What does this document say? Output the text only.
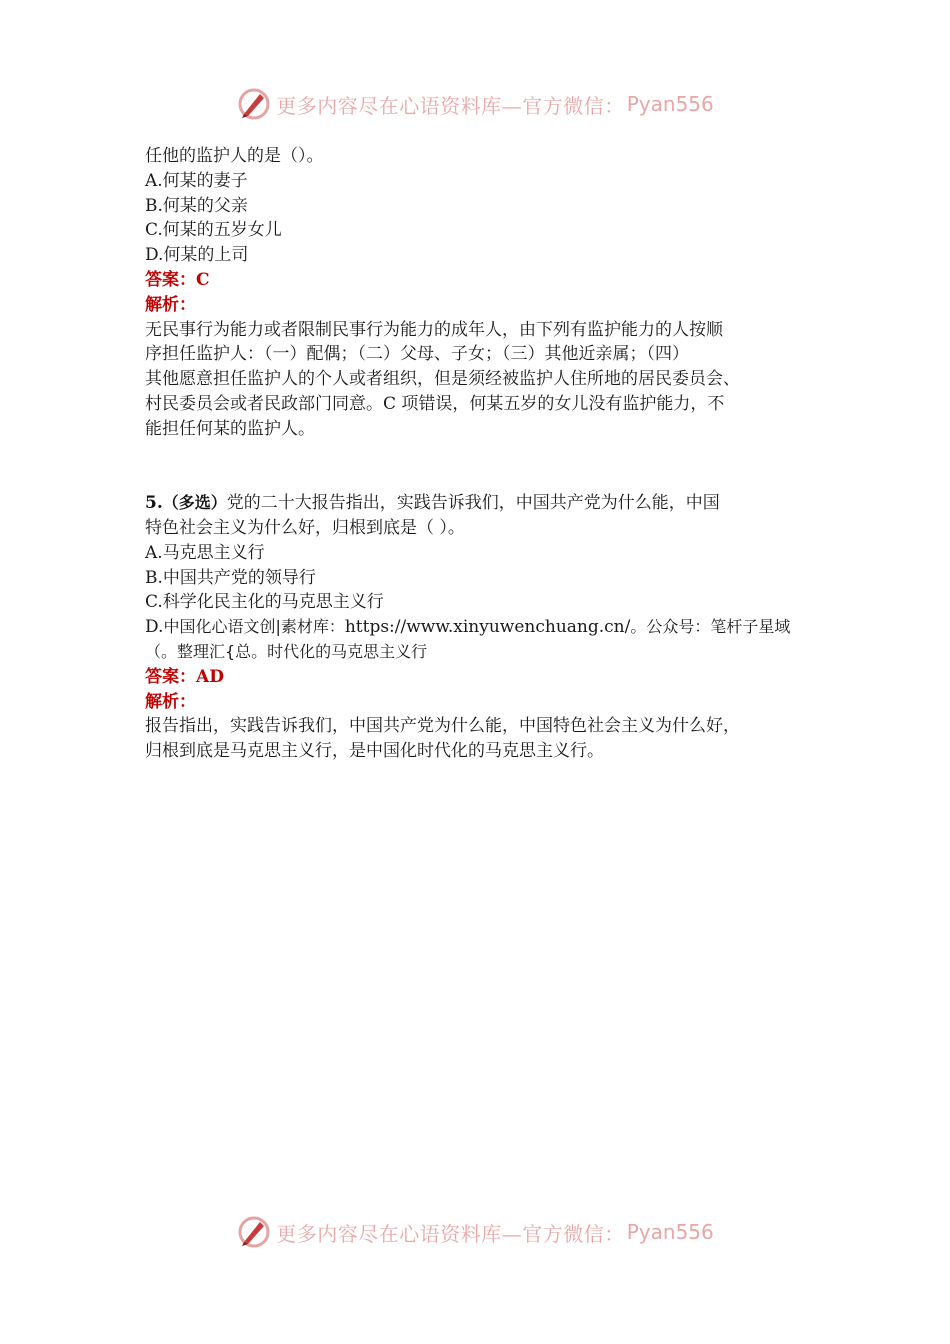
更多内容尽在心语资料库—官方微信： Pyan556
任他的监护人的是（）。
A.何某的妻子
B.何某的父亲
C.何某的五岁女儿
D.何某的上司
答案：C
解析：
无民事行为能力或者限制民事行为能力的成年人，由下列有监护能力的人按顺
序担任监护人：（一）配偶；（二）父母、子女；（三）其他近亲属；（四）
其他愿意担任监护人的个人或者组织，但是须经被监护人住所地的居民委员会、
村民委员会或者民政部门同意。C 项错误，何某五岁的女儿没有监护能力，不
能担任何某的监护人。
5.（多选）党的二十大报告指出，实践告诉我们，中国共产党为什么能，中国
特色社会主义为什么好，归根到底是（ ）。
A.马克思主义行
B.中国共产党的领导行
C.科学化民主化的马克思主义行
D.中国化心语文创|素材库：https://www.xinyuwenchuang.cn/。公众号：笔杆子星域
（。整理汇{总。时代化的马克思主义行
答案：AD
解析：
报告指出，实践告诉我们，中国共产党为什么能，中国特色社会主义为什么好，
归根到底是马克思主义行，是中国化时代化的马克思主义行。
更多内容尽在心语资料库—官方微信： Pyan556
